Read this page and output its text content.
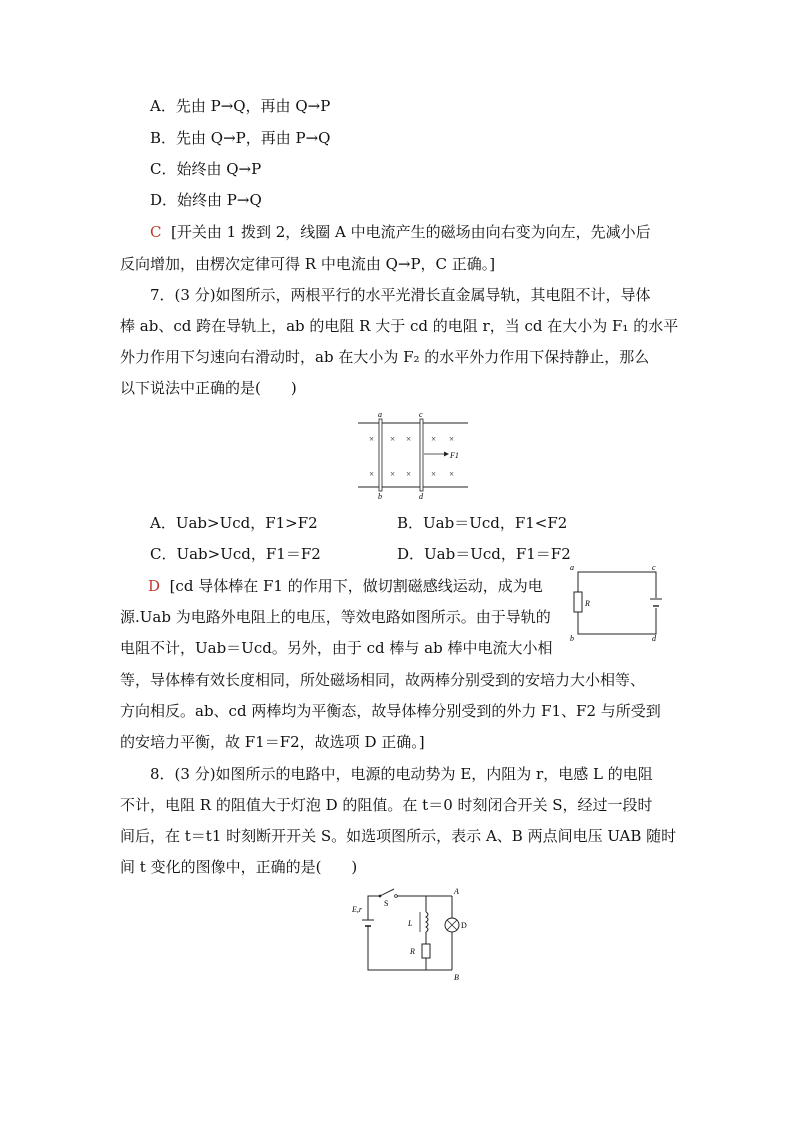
A．先由 P→Q，再由 Q→P
B．先由 Q→P，再由 P→Q
C．始终由 Q→P
D．始终由 P→Q
C [开关由 1 拨到 2，线圈 A 中电流产生的磁场由向右变为向左，先减小后
反向增加，由楞次定律可得 R 中电流由 Q→P，C 正确。]
7．(3 分)如图所示，两根平行的水平光滑长直金属导轨，其电阻不计，导体
棒 ab、cd 跨在导轨上，ab 的电阻 R 大于 cd 的电阻 r，当 cd 在大小为 F₁ 的水平
外力作用下匀速向右滑动时，ab 在大小为 F₂ 的水平外力作用下保持静止，那么
以下说法中正确的是(　　)
a
b
c
d
× × × × ×
× × × × ×
F1
A．Uab>Ucd，F1>F2	B．Uab＝Ucd，F1<F2
C．Uab>Ucd，F1＝F2	D．Uab＝Ucd，F1＝F2
D [cd 导体棒在 F1 的作用下，做切割磁感线运动，成为电
源.Uab 为电路外电阻上的电压，等效电路如图所示。由于导轨的
电阻不计，Uab＝Ucd。另外，由于 cd 棒与 ab 棒中电流大小相
等，导体棒有效长度相同，所处磁场相同，故两棒分别受到的安培力大小相等、
方向相反。ab、cd 两棒均为平衡态，故导体棒分别受到的外力 F1、F2 与所受到
的安培力平衡，故 F1＝F2，故选项 D 正确。]
a	c
b	d
R
8．(3 分)如图所示的电路中，电源的电动势为 E，内阻为 r，电感 L 的电阻
不计，电阻 R 的阻值大于灯泡 D 的阻值。在 t＝0 时刻闭合开关 S，经过一段时
间后，在 t＝t1 时刻断开开关 S。如选项图所示，表示 A、B 两点间电压 UAB 随时
间 t 变化的图像中，正确的是(　　)
E,r
S
A
B
L
R
D
